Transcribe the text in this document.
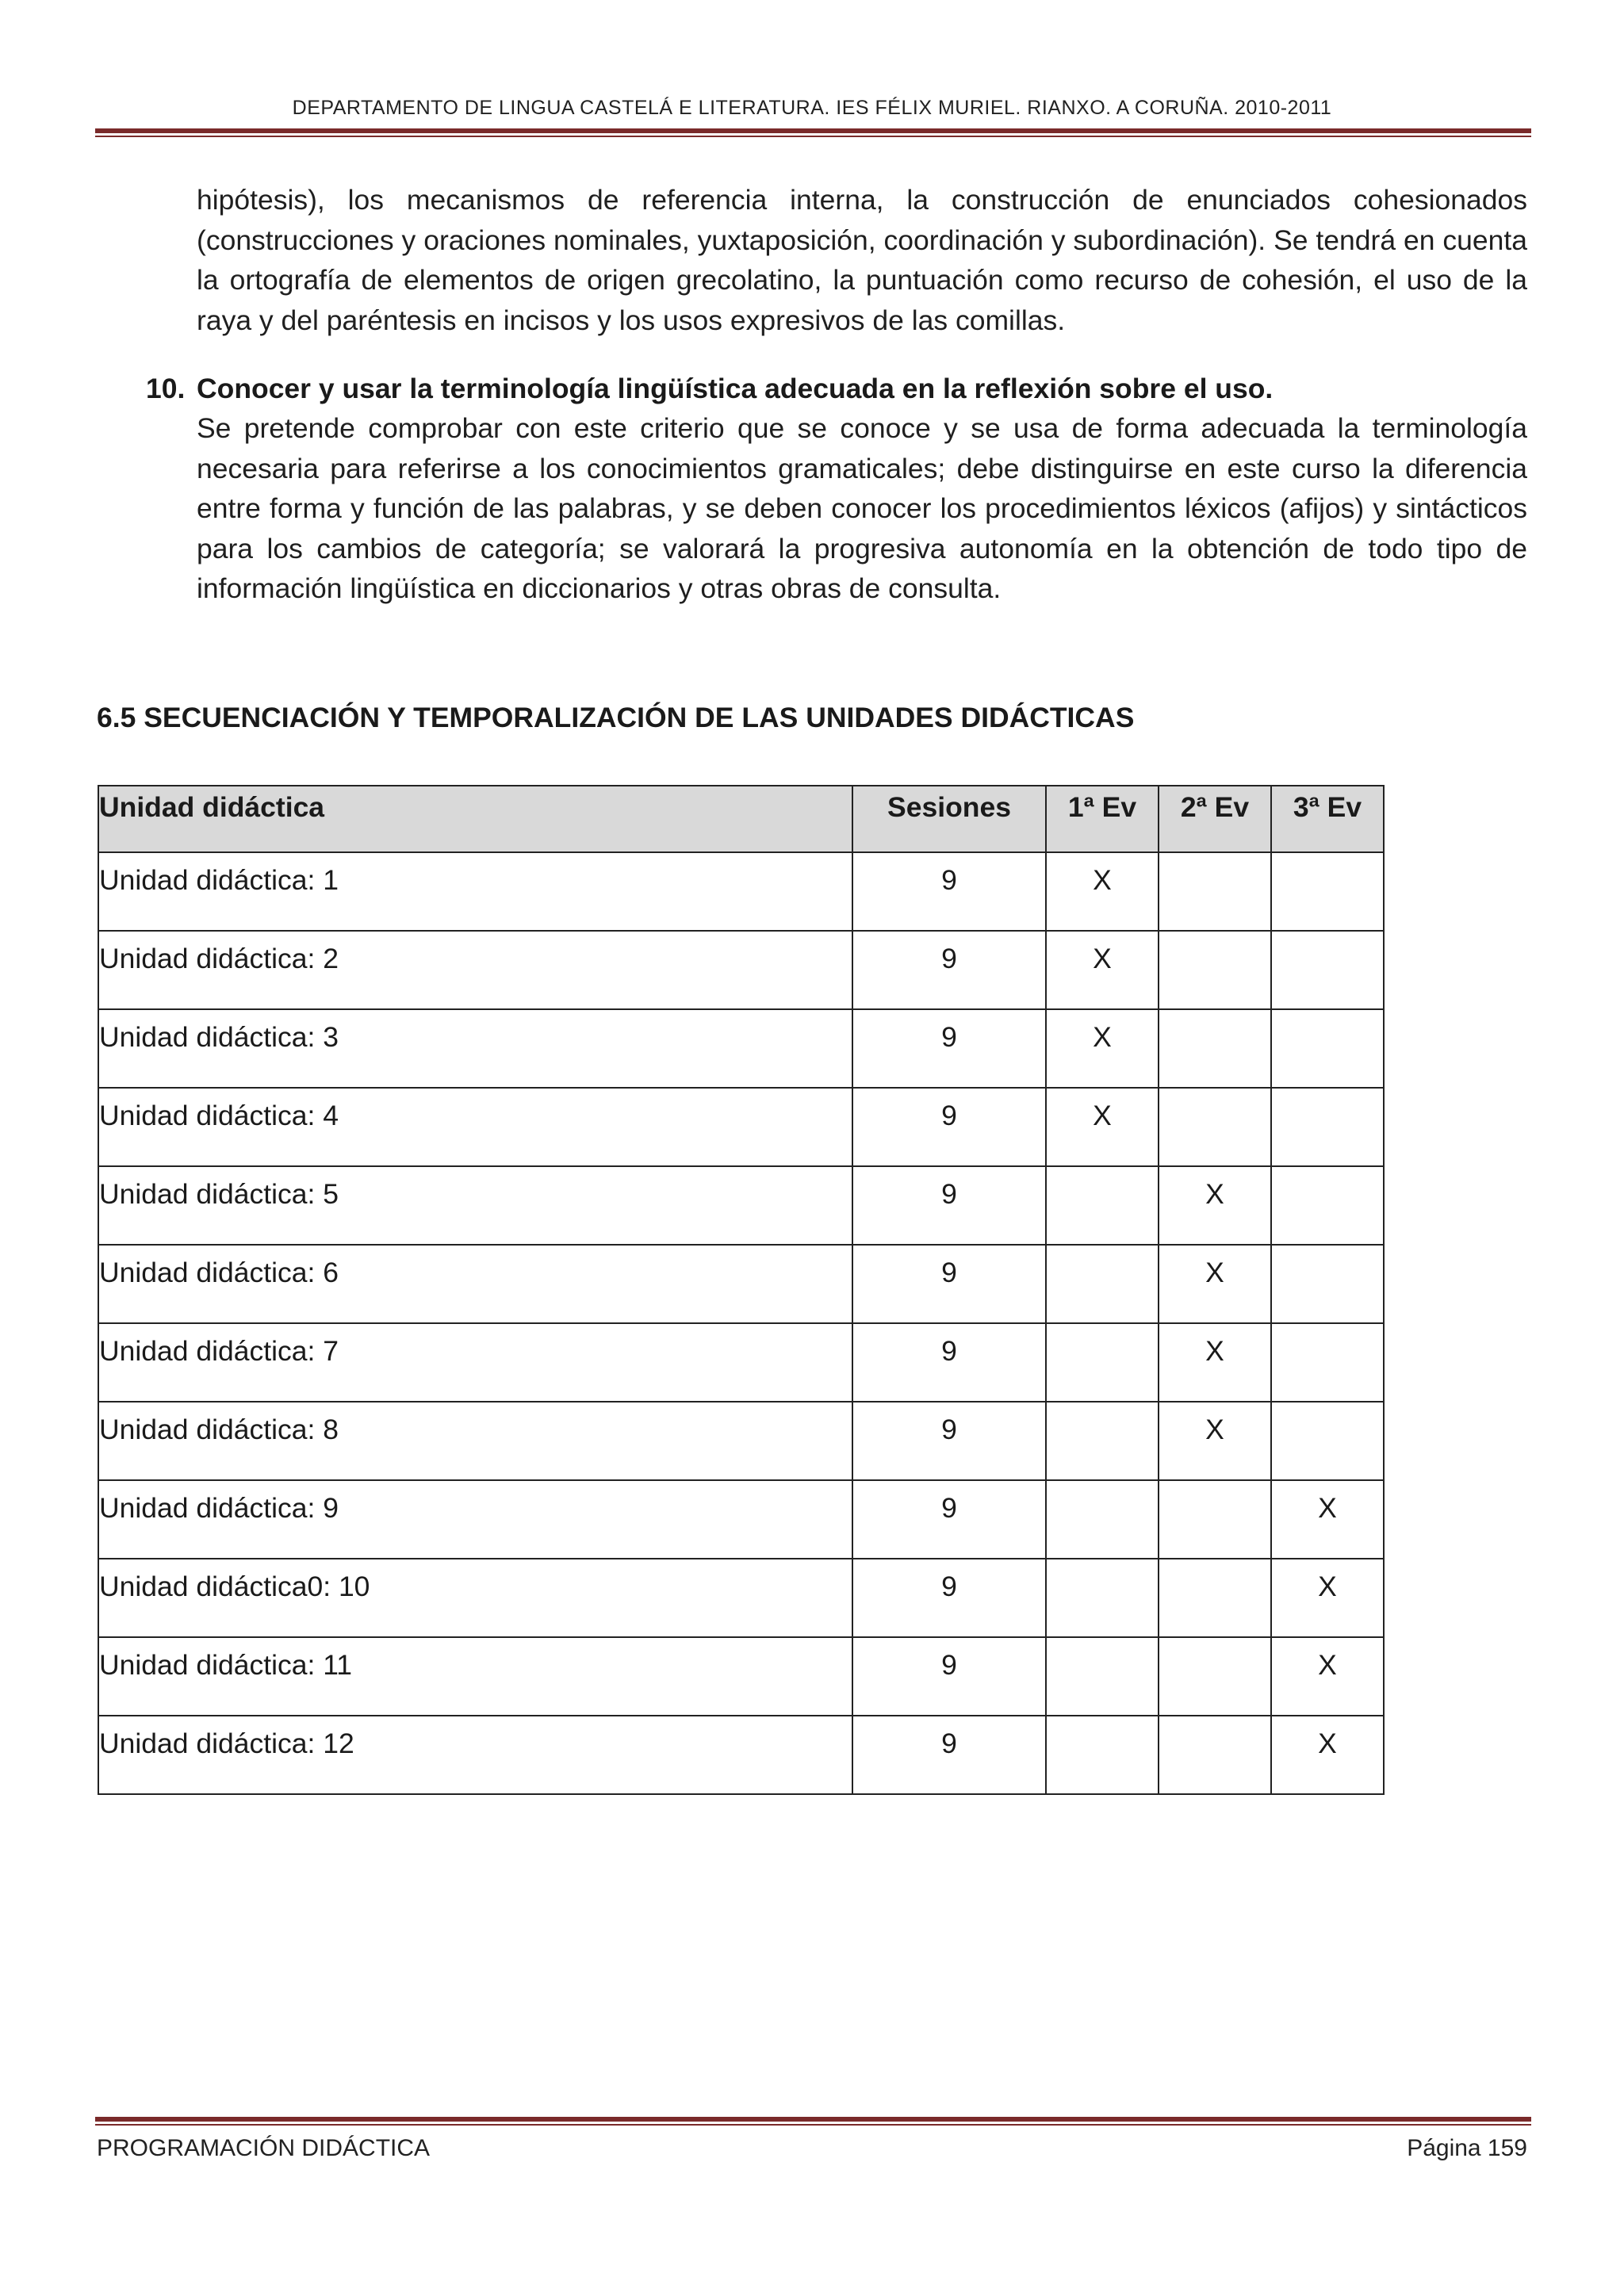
DEPARTAMENTO DE LINGUA CASTELÁ E LITERATURA. IES FÉLIX MURIEL. RIANXO. A CORUÑA. 2010-2011
hipótesis), los mecanismos de referencia interna, la construcción de enunciados cohesionados (construcciones y oraciones nominales, yuxtaposición, coordinación y subordinación). Se tendrá en cuenta la ortografía de elementos de origen grecolatino, la puntuación como recurso de cohesión, el uso de la raya y del paréntesis en incisos y los usos expresivos de las comillas.
10. Conocer y usar la terminología lingüística adecuada en la reflexión sobre el uso.
Se pretende comprobar con este criterio que se conoce y se usa de forma adecuada la terminología necesaria para referirse a los conocimientos gramaticales; debe distinguirse en este curso la diferencia entre forma y función de las palabras, y se deben conocer los procedimientos léxicos (afijos) y sintácticos para los cambios de categoría; se valorará la progresiva autonomía en la obtención de todo tipo de información lingüística en diccionarios y otras obras de consulta.
6.5 SECUENCIACIÓN Y TEMPORALIZACIÓN DE LAS UNIDADES DIDÁCTICAS
Unidad didáctica	Sesiones	1ª Ev	2ª Ev	3ª Ev
Unidad didáctica: 1	9	X		
Unidad didáctica: 2	9	X		
Unidad didáctica: 3	9	X		
Unidad didáctica: 4	9	X		
Unidad didáctica: 5	9		X	
Unidad didáctica: 6	9		X	
Unidad didáctica: 7	9		X	
Unidad didáctica: 8	9		X	
Unidad didáctica: 9	9			X
Unidad didáctica0: 10	9			X
Unidad didáctica: 11	9			X
Unidad didáctica: 12	9			X
PROGRAMACIÓN DIDÁCTICA	Página 159
